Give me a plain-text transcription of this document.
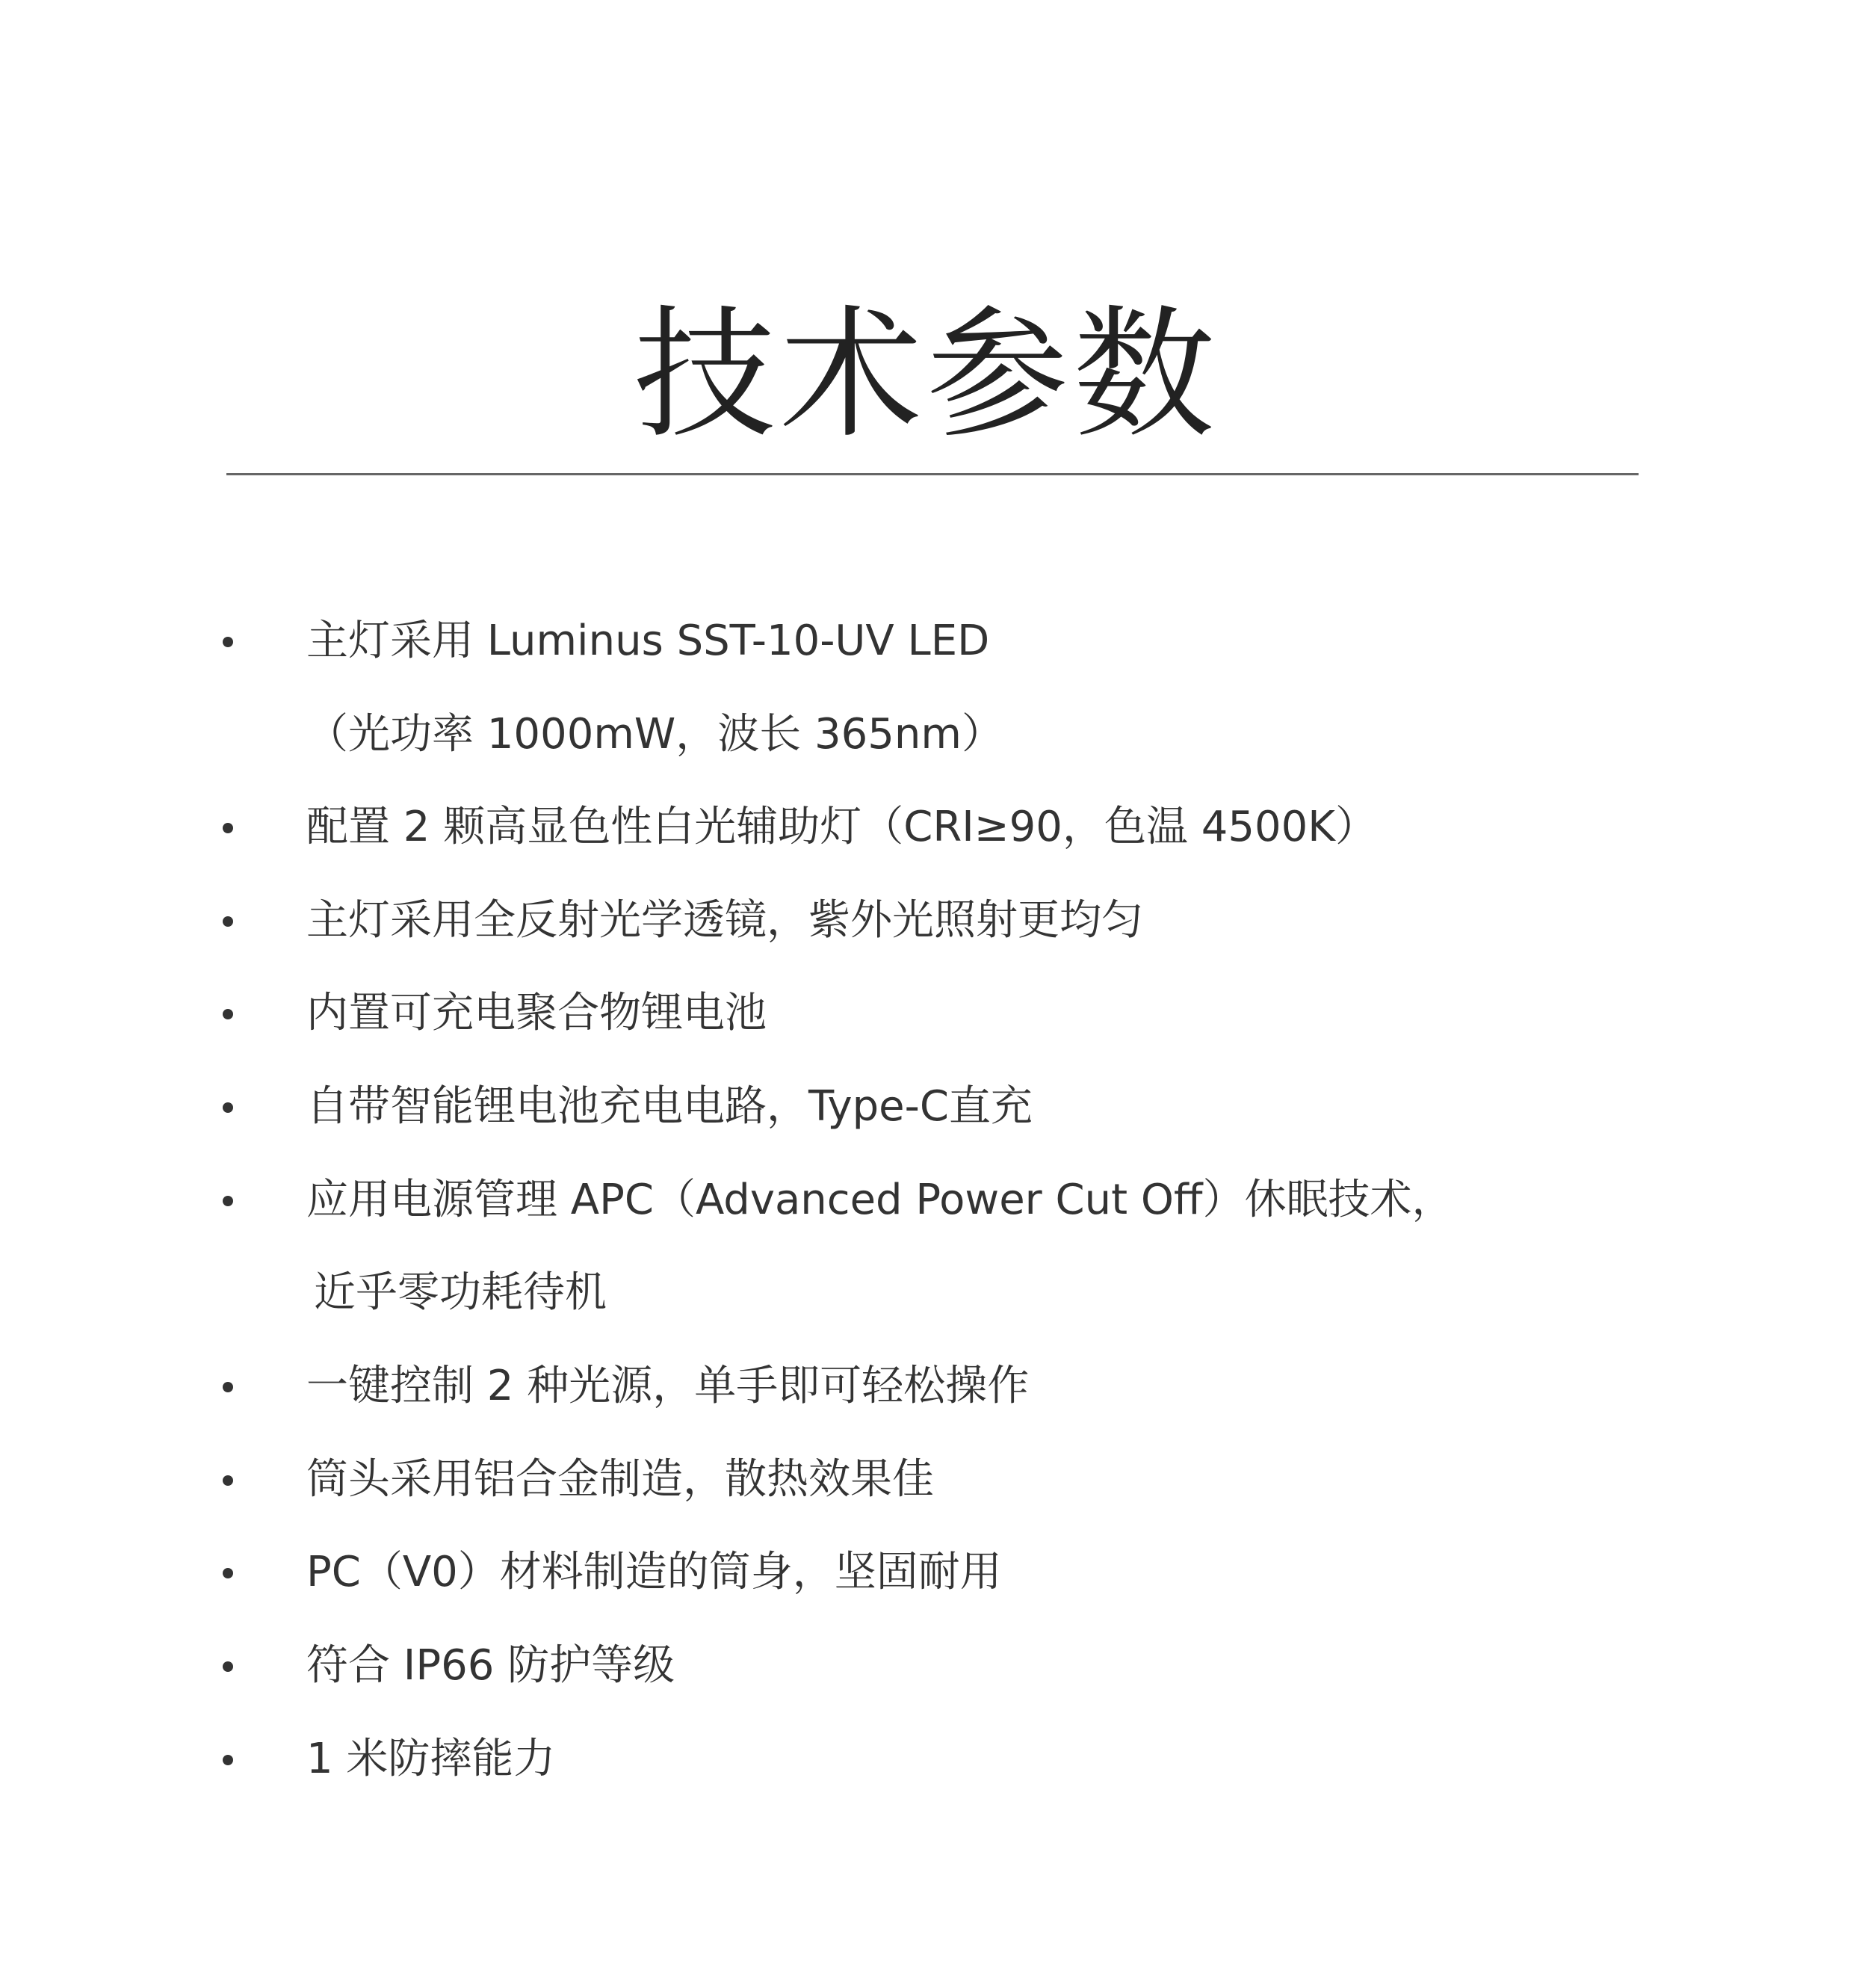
技术参数
主灯采用 Luminus SST-10-UV LED
（光功率 1000mW，波长 365nm）
配置 2 颗高显色性白光辅助灯（CRI≥90，色温 4500K）
主灯采用全反射光学透镜，紫外光照射更均匀
内置可充电聚合物锂电池
自带智能锂电池充电电路，Type-C直充
应用电源管理 APC（Advanced Power Cut Off）休眠技术，
近乎零功耗待机
一键控制 2 种光源，单手即可轻松操作
筒头采用铝合金制造，散热效果佳
PC（V0）材料制造的筒身，坚固耐用
符合 IP66 防护等级
1 米防摔能力
